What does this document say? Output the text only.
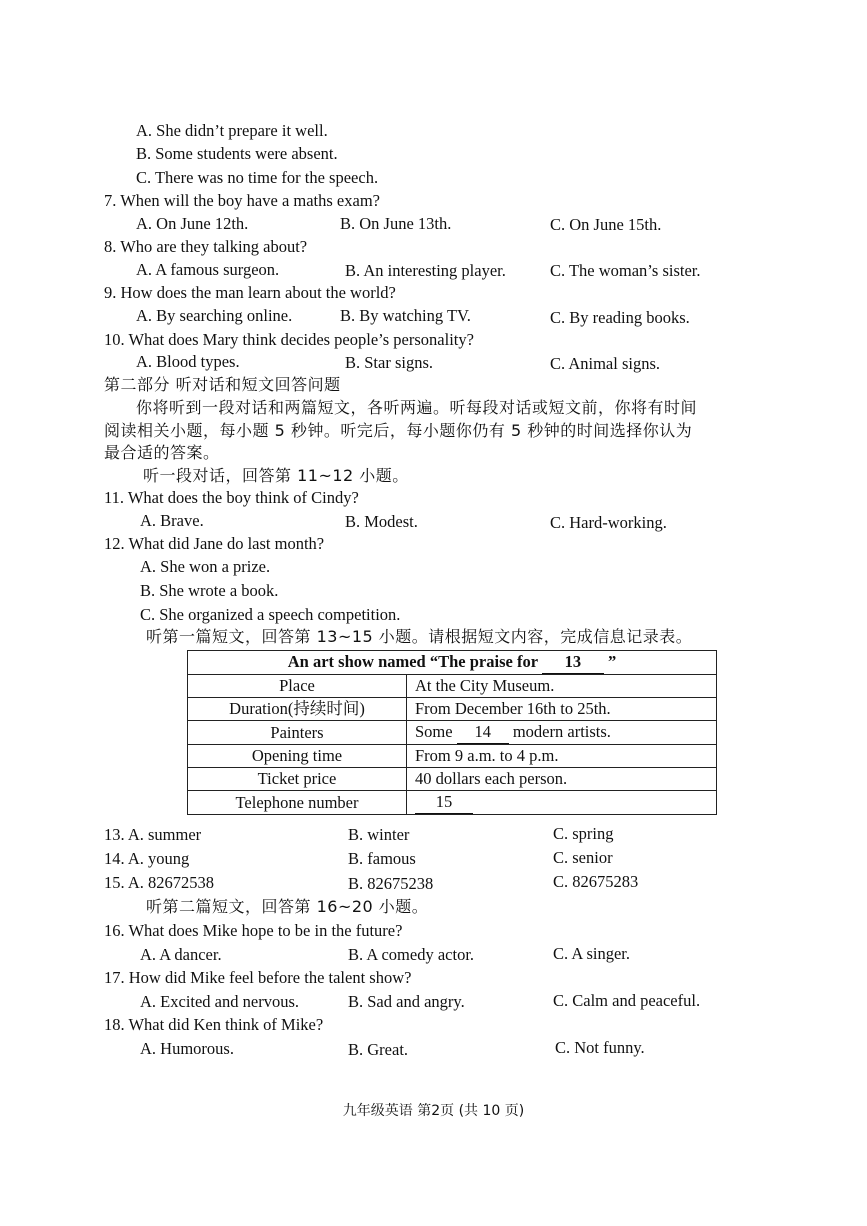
A. She didn’t prepare it well.
B. Some students were absent.
C. There was no time for the speech.
7. When will the boy have a maths exam?
A. On June 12th.	B. On June 13th.	C. On June 15th.
8. Who are they talking about?
A. A famous surgeon.	B. An interesting player.	C. The woman’s sister.
9. How does the man learn about the world?
A. By searching online.	B. By watching TV.	C. By reading books.
10. What does Mary think decides people’s personality?
A. Blood types.	B. Star signs.	C. Animal signs.
第二部分 听对话和短文回答问题
你将听到一段对话和两篇短文，各听两遍。听每段对话或短文前，你将有时间
阅读相关小题，每小题 5 秒钟。听完后，每小题你仍有 5 秒钟的时间选择你认为
最合适的答案。
听一段对话，回答第 11~12 小题。
11. What does the boy think of Cindy?
A. Brave.	B. Modest.	C. Hard-working.
12. What did Jane do last month?
A. She won a prize.
B. She wrote a book.
C. She organized a speech competition.
听第一篇短文，回答第 13~15 小题。请根据短文内容，完成信息记录表。
An art show named “The praise for 13 ”	
Place	At the City Museum.
Duration(持续时间)	From December 16th to 25th.
Painters	Some 14 modern artists.
Opening time	From 9 a.m. to 4 p.m.
Ticket price	40 dollars each person.
Telephone number	15
13. A. summer	B. winter	C. spring
14. A. young	B. famous	C. senior
15. A. 82672538	B. 82675238	C. 82675283
听第二篇短文，回答第 16~20 小题。
16. What does Mike hope to be in the future?
A. A dancer.	B. A comedy actor.	C. A singer.
17. How did Mike feel before the talent show?
A. Excited and nervous.	B. Sad and angry.	C. Calm and peaceful.
18. What did Ken think of Mike?
A. Humorous.	B. Great.	C. Not funny.
九年级英语 第2页 (共 10 页)
